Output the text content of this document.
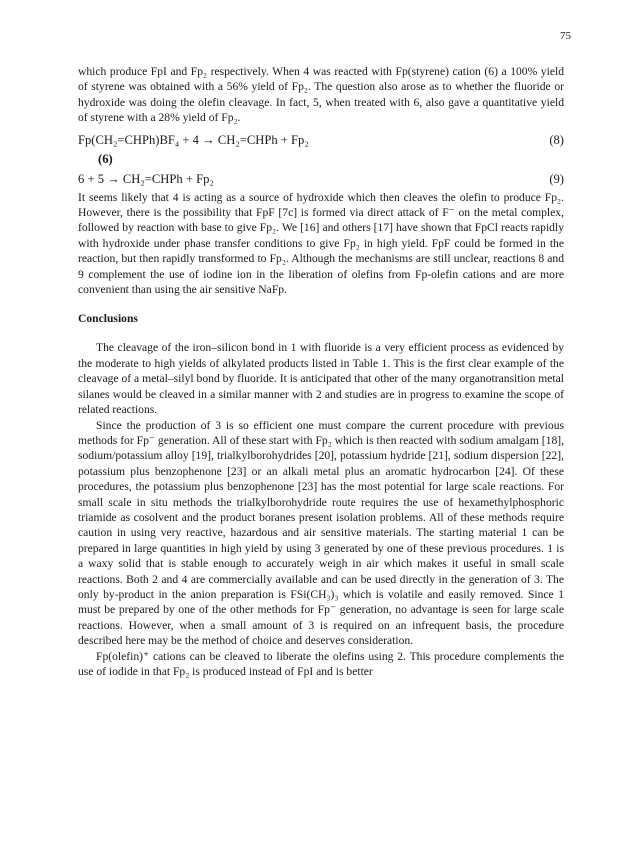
75

which produce FpI and Fp₂ respectively. When 4 was reacted with Fp(styrene) cation (6) a 100% yield of styrene was obtained with a 56% yield of Fp₂. The question also arose as to whether the fluoride or hydroxide was doing the olefin cleavage. In fact, 5, when treated with 6, also gave a quantitative yield of styrene with a 28% yield of Fp₂.

Fp(CH₂=CHPh)BF₄ + 4 → CH₂=CHPh + Fp₂	(8)
(6)
6 + 5 → CH₂=CHPh + Fp₂	(9)

It seems likely that 4 is acting as a source of hydroxide which then cleaves the olefin to produce Fp₂. However, there is the possibility that FpF [7c] is formed via direct attack of F⁻ on the metal complex, followed by reaction with base to give Fp₂. We [16] and others [17] have shown that FpCl reacts rapidly with hydroxide under phase transfer conditions to give Fp₂ in high yield. FpF could be formed in the reaction, but then rapidly transformed to Fp₂. Although the mechanisms are still unclear, reactions 8 and 9 complement the use of iodine ion in the liberation of olefins from Fp-olefin cations and are more convenient than using the air sensitive NaFp.

Conclusions

The cleavage of the iron–silicon bond in 1 with fluoride is a very efficient process as evidenced by the moderate to high yields of alkylated products listed in Table 1. This is the first clear example of the cleavage of a metal–silyl bond by fluoride. It is anticipated that other of the many organotransition metal silanes would be cleaved in a similar manner with 2 and studies are in progress to examine the scope of related reactions.

Since the production of 3 is so efficient one must compare the current procedure with previous methods for Fp⁻ generation. All of these start with Fp₂ which is then reacted with sodium amalgam [18], sodium/potassium alloy [19], trialkylborohydrides [20], potassium hydride [21], sodium dispersion [22], potassium plus benzophenone [23] or an alkali metal plus an aromatic hydrocarbon [24]. Of these procedures, the potassium plus benzophenone [23] has the most potential for large scale reactions. For small scale in situ methods the trialkylborohydride route requires the use of hexamethylphosphoric triamide as cosolvent and the product boranes present isolation problems. All of these methods require caution in using very reactive, hazardous and air sensitive materials. The starting material 1 can be prepared in large quantities in high yield by using 3 generated by one of these previous procedures. 1 is a waxy solid that is stable enough to accurately weigh in air which makes it useful in small scale reactions. Both 2 and 4 are commercially available and can be used directly in the generation of 3. The only by-product in the anion preparation is FSi(CH₃)₃ which is volatile and easily removed. Since 1 must be prepared by one of the other methods for Fp⁻ generation, no advantage is seen for large scale reactions. However, when a small amount of 3 is required on an infrequent basis, the procedure described here may be the method of choice and deserves consideration.

Fp(olefin)⁺ cations can be cleaved to liberate the olefins using 2. This procedure complements the use of iodide in that Fp₂ is produced instead of FpI and is better
